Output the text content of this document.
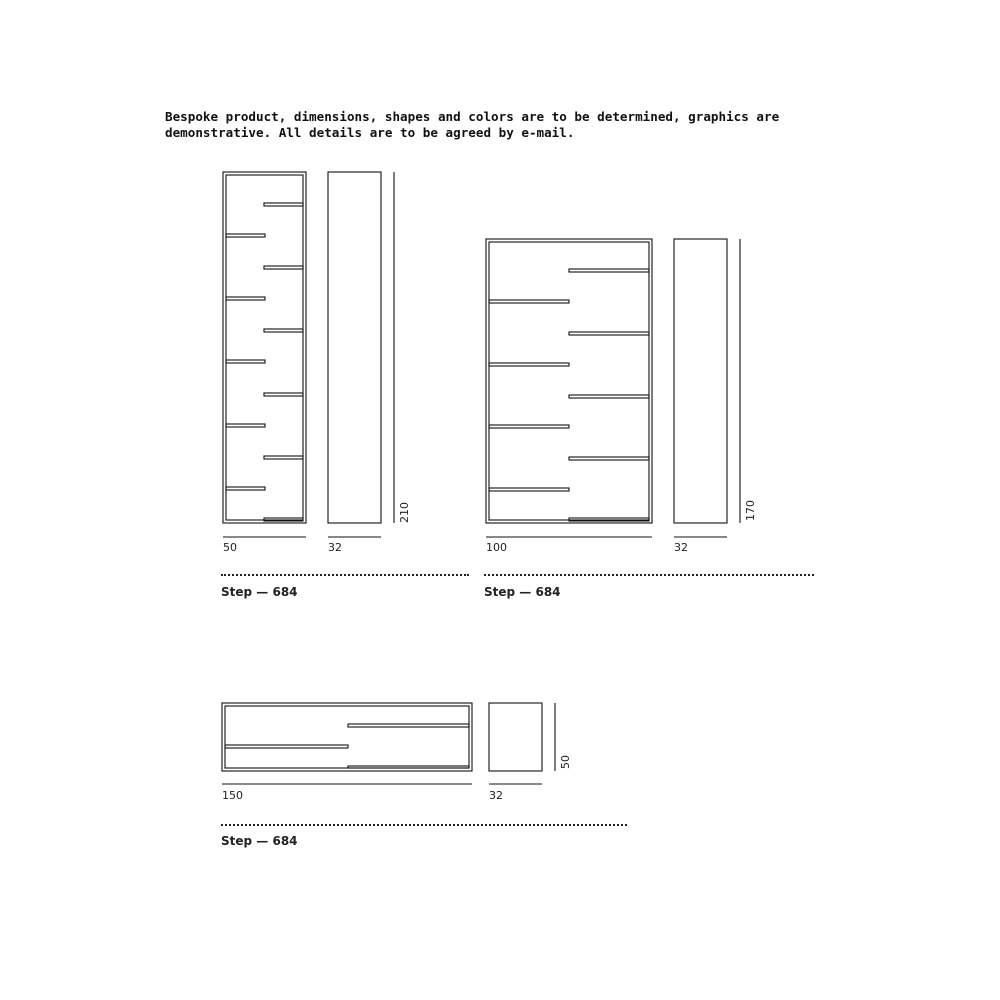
Bespoke product, dimensions, shapes and colors are to be determined, graphics are
demonstrative. All details are to be agreed by e-mail.
50	32
210
Step — 684
100	32
170
Step — 684
150	32
50
Step — 684
